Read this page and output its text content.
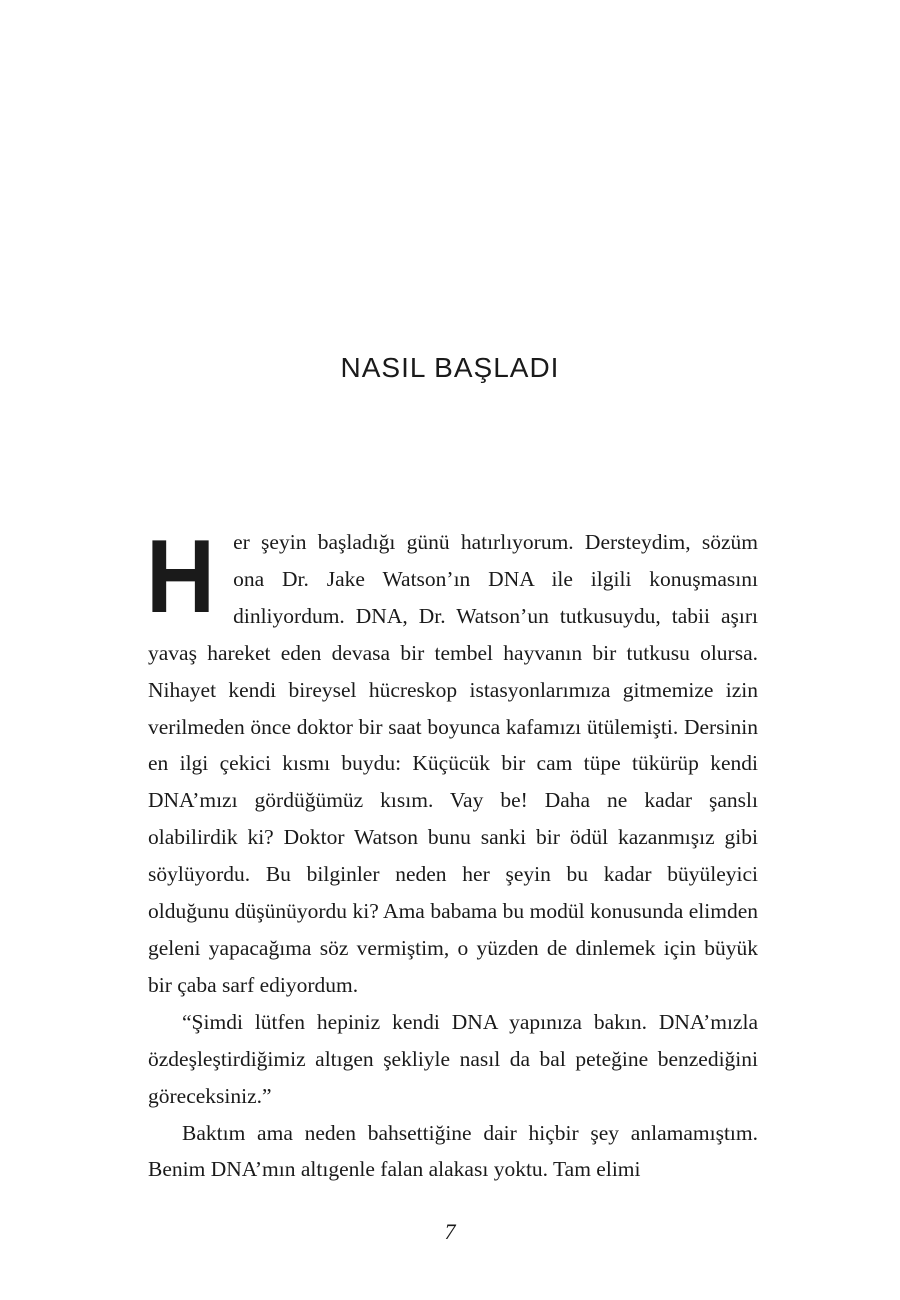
NASIL BAŞLADI

Her şeyin başladığı günü hatırlıyorum. Dersteydim, sözüm ona Dr. Jake Watson’ın DNA ile ilgili konuşmasını dinliyordum. DNA, Dr. Watson’un tutkusuydu, tabii aşırı yavaş hareket eden devasa bir tembel hayvanın bir tutkusu olursa. Nihayet kendi bireysel hücreskop istasyonlarımıza gitmemize izin verilmeden önce doktor bir saat boyunca kafamızı ütülemişti. Dersinin en ilgi çekici kısmı buydu: Küçücük bir cam tüpe tükürüp kendi DNA’mızı gördüğümüz kısım. Vay be! Daha ne kadar şanslı olabilirdik ki? Doktor Watson bunu sanki bir ödül kazanmışız gibi söylüyordu. Bu bilginler neden her şeyin bu kadar büyüleyici olduğunu düşünüyordu ki? Ama babama bu modül konusunda elimden geleni yapacağıma söz vermiştim, o yüzden de dinlemek için büyük bir çaba sarf ediyordum.

“Şimdi lütfen hepiniz kendi DNA yapınıza bakın. DNA’mızla özdeşleştirdiğimiz altıgen şekliyle nasıl da bal peteğine benzediğini göreceksiniz.”

Baktım ama neden bahsettiğine dair hiçbir şey anlamamıştım. Benim DNA’mın altıgenle falan alakası yoktu. Tam elimi

7
